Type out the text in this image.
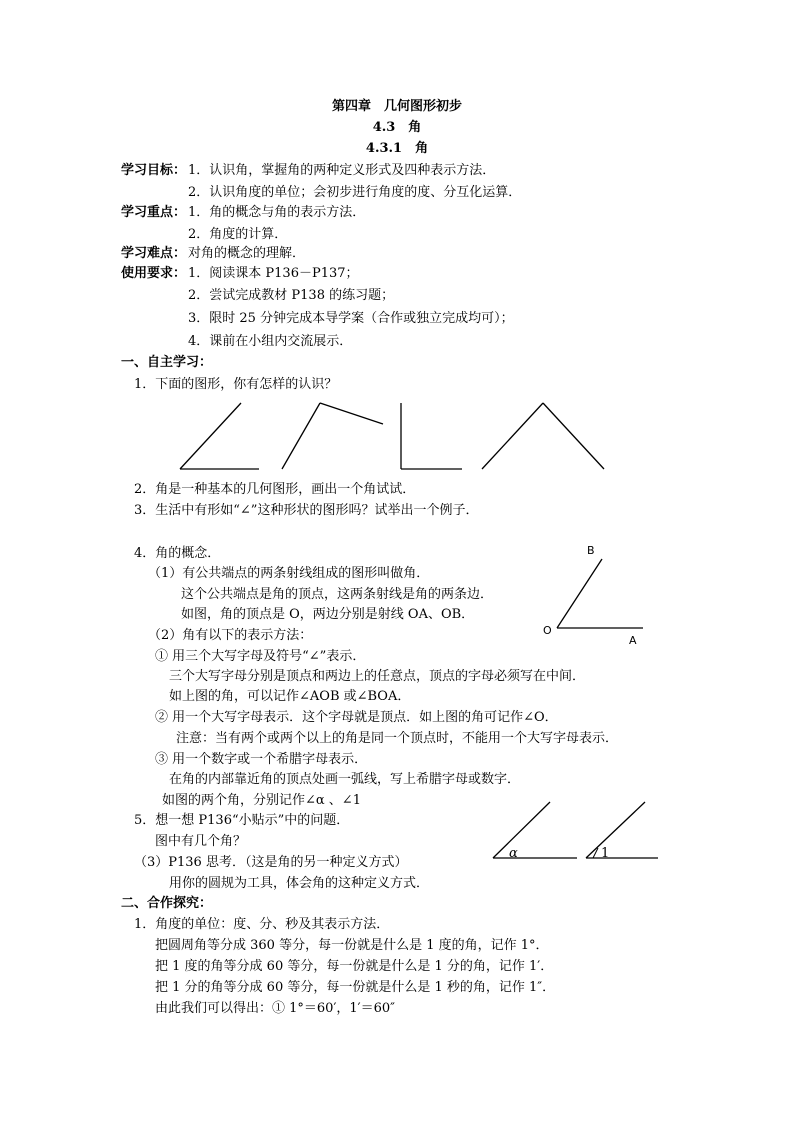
第四章　几何图形初步
4.3　角
4.3.1　角
学习目标： 1．认识角，掌握角的两种定义形式及四种表示方法．
2．认识角度的单位；会初步进行角度的度、分互化运算．
学习重点： 1．角的概念与角的表示方法．
2．角度的计算．
学习难点： 对角的概念的理解．
使用要求： 1．阅读课本 P136－P137；
2．尝试完成教材 P138 的练习题；
3．限时 25 分钟完成本导学案（合作或独立完成均可）；
4．课前在小组内交流展示．
一、自主学习：
1．下面的图形，你有怎样的认识？
O
A
B
α	1
2．角是一种基本的几何图形，画出一个角试试．
3．生活中有形如“∠”这种形状的图形吗？试举出一个例子．
4．角的概念．
（1）有公共端点的两条射线组成的图形叫做角．
这个公共端点是角的顶点，这两条射线是角的两条边．
如图，角的顶点是 O，两边分别是射线 OA、OB．
（2）角有以下的表示方法：
① 用三个大写字母及符号“∠”表示．
三个大写字母分别是顶点和两边上的任意点，顶点的字母必须写在中间．
如上图的角，可以记作∠AOB 或∠BOA．
② 用一个大写字母表示．这个字母就是顶点．如上图的角可记作∠O．
注意：当有两个或两个以上的角是同一个顶点时，不能用一个大写字母表示．
③ 用一个数字或一个希腊字母表示．
在角的内部靠近角的顶点处画一弧线，写上希腊字母或数字．
如图的两个角，分别记作∠α 、∠1
5．想一想 P136“小贴示”中的问题．
图中有几个角？
（3）P136 思考．（这是角的另一种定义方式）
用你的圆规为工具，体会角的这种定义方式．
二、合作探究：
1．角度的单位：度、分、秒及其表示方法．
把圆周角等分成 360 等分，每一份就是什么是 1 度的角，记作 1°．
把 1 度的角等分成 60 等分，每一份就是什么是 1 分的角，记作 1′．
把 1 分的角等分成 60 等分，每一份就是什么是 1 秒的角，记作 1″．
由此我们可以得出：① 1°＝60′，1′＝60″
